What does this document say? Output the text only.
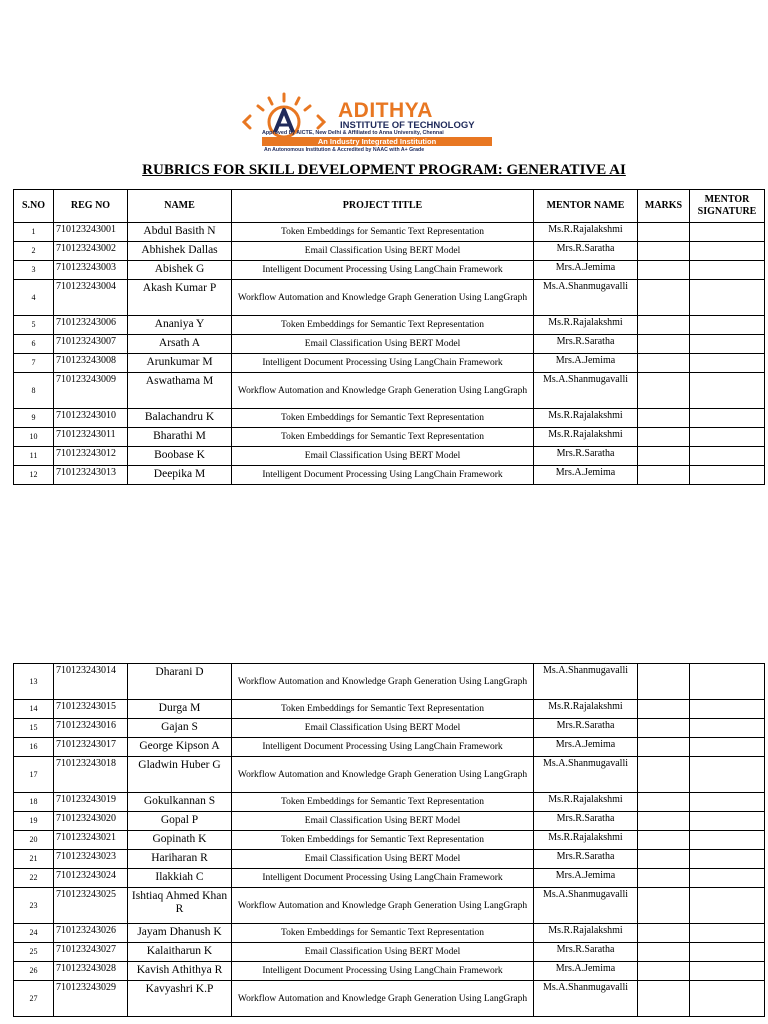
ADITHYA
INSTITUTE OF TECHNOLOGY
Approved by AICTE, New Delhi & Affiliated to Anna University, Chennai
An Industry Integrated Institution
An Autonomous Institution & Accredited by NAAC with A+ Grade
RUBRICS FOR SKILL DEVELOPMENT PROGRAM: GENERATIVE AI
S.NO	REG NO	NAME	PROJECT TITLE	MENTOR NAME	MARKS	MENTOR SIGNATURE
1	710123243001	Abdul Basith N	Token Embeddings for Semantic Text Representation	Ms.R.Rajalakshmi		
2	710123243002	Abhishek Dallas	Email Classification Using BERT Model	Mrs.R.Saratha		
3	710123243003	Abishek G	Intelligent Document Processing Using LangChain Framework	Mrs.A.Jemima		
4	710123243004	Akash Kumar P	Workflow Automation and Knowledge Graph Generation Using LangGraph	Ms.A.Shanmugavalli		
5	710123243006	Ananiya Y	Token Embeddings for Semantic Text Representation	Ms.R.Rajalakshmi		
6	710123243007	Arsath A	Email Classification Using BERT Model	Mrs.R.Saratha		
7	710123243008	Arunkumar M	Intelligent Document Processing Using LangChain Framework	Mrs.A.Jemima		
8	710123243009	Aswathama M	Workflow Automation and Knowledge Graph Generation Using LangGraph	Ms.A.Shanmugavalli		
9	710123243010	Balachandru K	Token Embeddings for Semantic Text Representation	Ms.R.Rajalakshmi		
10	710123243011	Bharathi M	Token Embeddings for Semantic Text Representation	Ms.R.Rajalakshmi		
11	710123243012	Boobase K	Email Classification Using BERT Model	Mrs.R.Saratha		
12	710123243013	Deepika M	Intelligent Document Processing Using LangChain Framework	Mrs.A.Jemima		
13	710123243014	Dharani D	Workflow Automation and Knowledge Graph Generation Using LangGraph	Ms.A.Shanmugavalli		
14	710123243015	Durga M	Token Embeddings for Semantic Text Representation	Ms.R.Rajalakshmi		
15	710123243016	Gajan S	Email Classification Using BERT Model	Mrs.R.Saratha		
16	710123243017	George Kipson A	Intelligent Document Processing Using LangChain Framework	Mrs.A.Jemima		
17	710123243018	Gladwin Huber G	Workflow Automation and Knowledge Graph Generation Using LangGraph	Ms.A.Shanmugavalli		
18	710123243019	Gokulkannan S	Token Embeddings for Semantic Text Representation	Ms.R.Rajalakshmi		
19	710123243020	Gopal P	Email Classification Using BERT Model	Mrs.R.Saratha		
20	710123243021	Gopinath K	Token Embeddings for Semantic Text Representation	Ms.R.Rajalakshmi		
21	710123243023	Hariharan R	Email Classification Using BERT Model	Mrs.R.Saratha		
22	710123243024	Ilakkiah C	Intelligent Document Processing Using LangChain Framework	Mrs.A.Jemima		
23	710123243025	Ishtiaq Ahmed Khan R	Workflow Automation and Knowledge Graph Generation Using LangGraph	Ms.A.Shanmugavalli		
24	710123243026	Jayam Dhanush K	Token Embeddings for Semantic Text Representation	Ms.R.Rajalakshmi		
25	710123243027	Kalaitharun K	Email Classification Using BERT Model	Mrs.R.Saratha		
26	710123243028	Kavish Athithya R	Intelligent Document Processing Using LangChain Framework	Mrs.A.Jemima		
27	710123243029	Kavyashri K.P	Workflow Automation and Knowledge Graph Generation Using LangGraph	Ms.A.Shanmugavalli		
